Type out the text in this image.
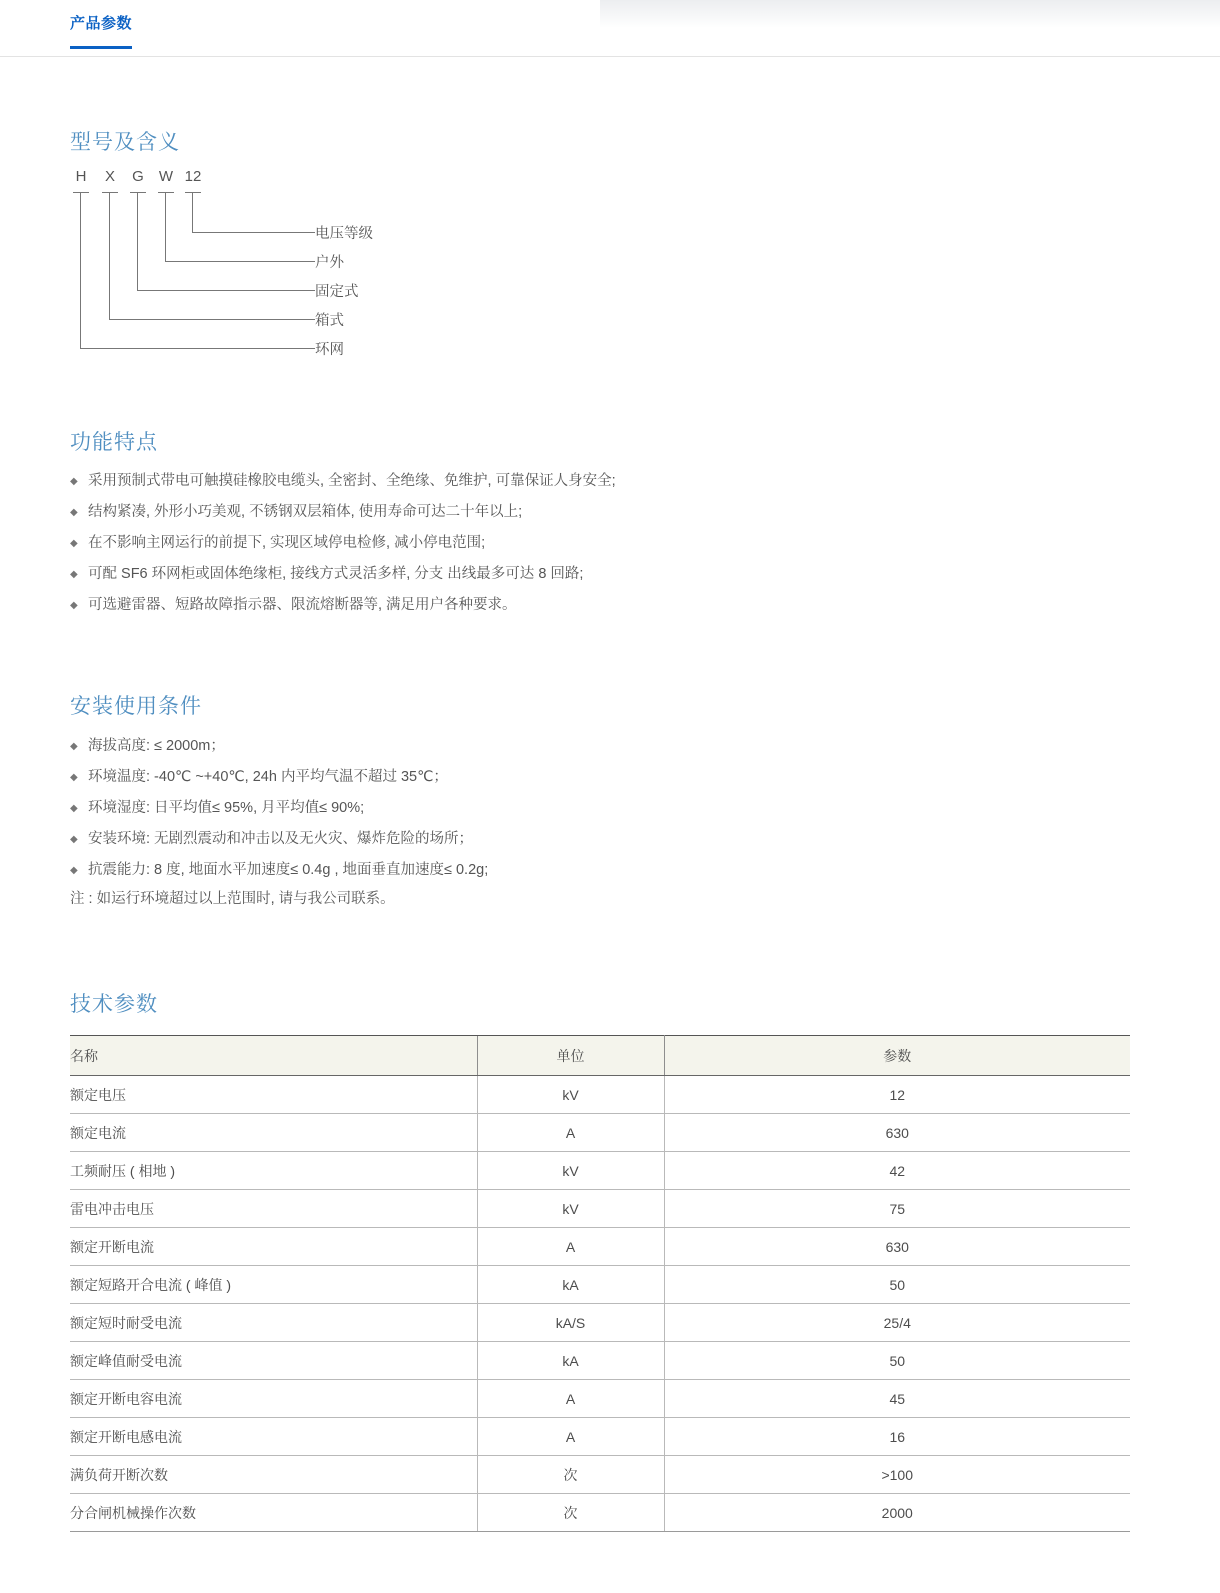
产品参数
型号及含义
H X G W 12
电压等级
户外
固定式
箱式
环网
功能特点
◆ 采用预制式带电可触摸硅橡胶电缆头, 全密封、全绝缘、免维护, 可靠保证人身安全;
◆ 结构紧凑, 外形小巧美观, 不锈钢双层箱体, 使用寿命可达二十年以上;
◆ 在不影响主网运行的前提下, 实现区域停电检修, 减小停电范围;
◆ 可配 SF6 环网柜或固体绝缘柜, 接线方式灵活多样, 分支 出线最多可达 8 回路;
◆ 可选避雷器、短路故障指示器、限流熔断器等, 满足用户各种要求。
安装使用条件
◆ 海拔高度: ≤ 2000m；
◆ 环境温度: -40℃ ~+40℃, 24h 内平均气温不超过 35℃；
◆ 环境湿度: 日平均值≤ 95%, 月平均值≤ 90%;
◆ 安装环境: 无剧烈震动和冲击以及无火灾、爆炸危险的场所；
◆ 抗震能力: 8 度, 地面水平加速度≤ 0.4g , 地面垂直加速度≤ 0.2g;
注 : 如运行环境超过以上范围时, 请与我公司联系。
技术参数
名称	单位	参数
额定电压	kV	12
额定电流	A	630
工频耐压 ( 相地 )	kV	42
雷电冲击电压	kV	75
额定开断电流	A	630
额定短路开合电流 ( 峰值 )	kA	50
额定短时耐受电流	kA/S	25/4
额定峰值耐受电流	kA	50
额定开断电容电流	A	45
额定开断电感电流	A	16
满负荷开断次数	次	>100
分合闸机械操作次数	次	2000
